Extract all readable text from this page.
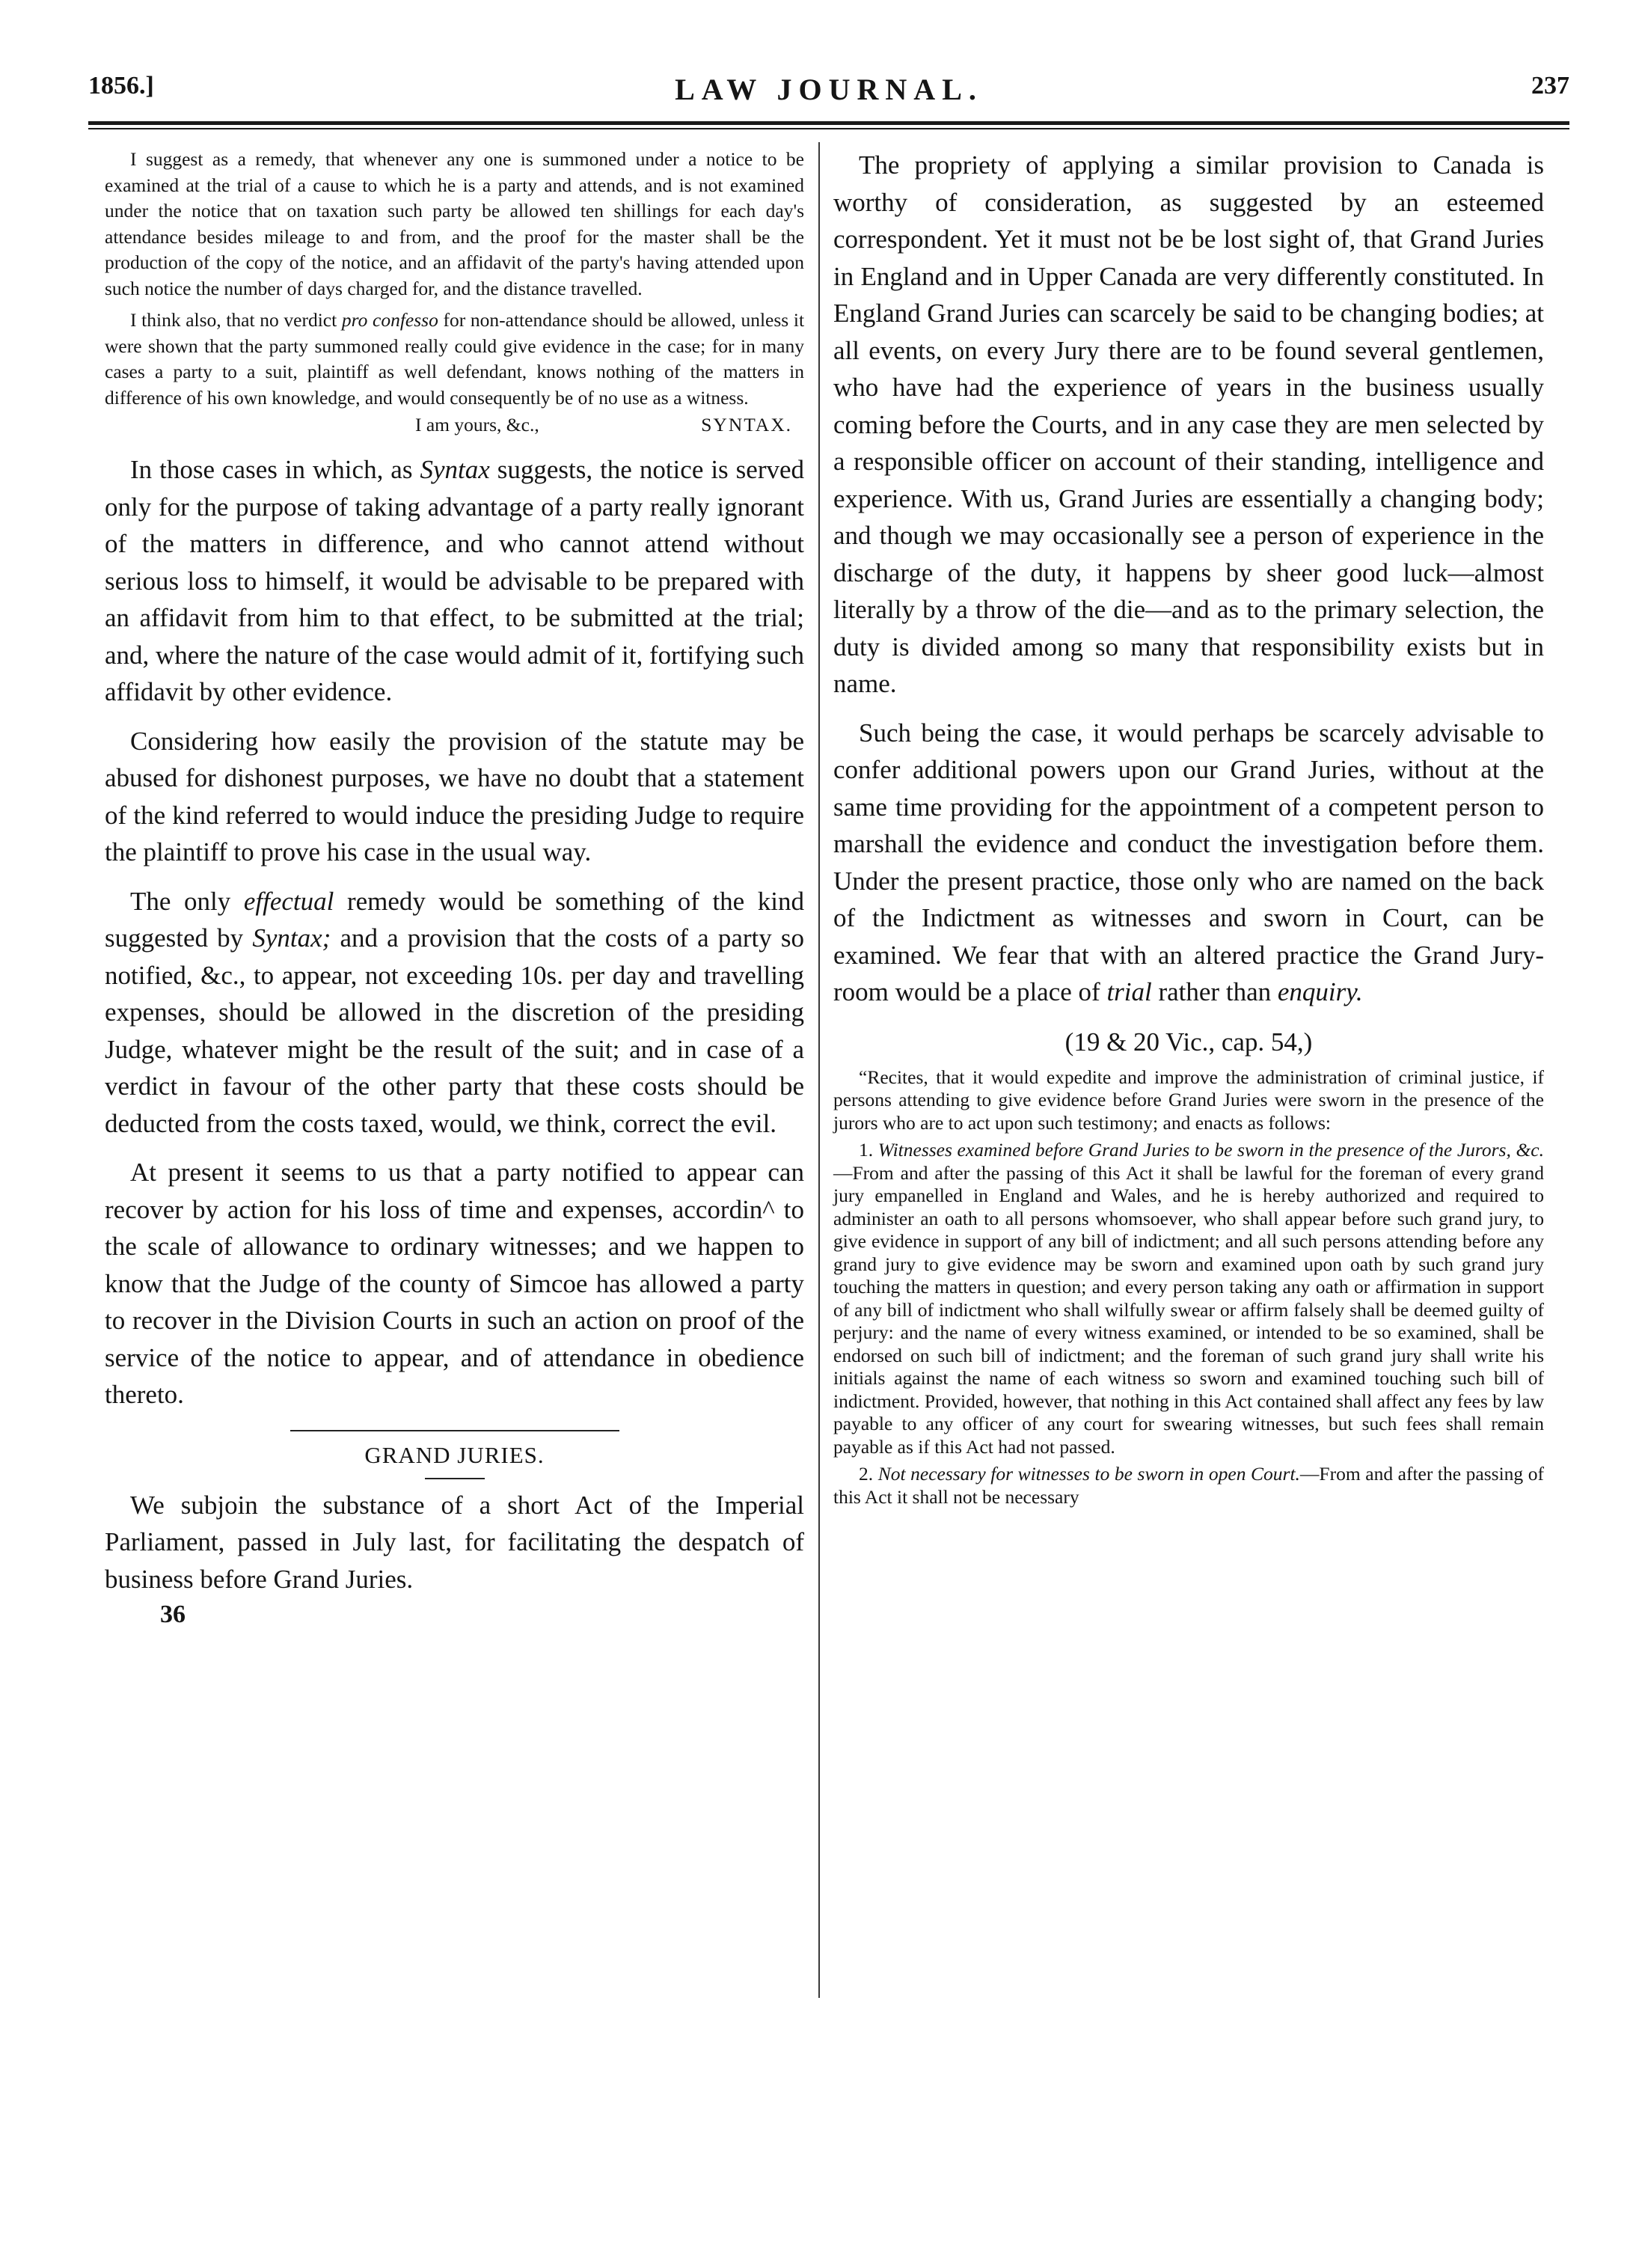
LAW JOURNAL.
1856.]	237

I suggest as a remedy, that whenever any one is summoned under a notice to be examined at the trial of a cause to which he is a party and attends, and is not examined under the notice that on taxation such party be allowed ten shillings for each day's attendance besides mileage to and from, and the proof for the master shall be the production of the copy of the notice, and an affidavit of the party's having attended upon such notice the number of days charged for, and the distance travelled.

I think also, that no verdict pro confesso for non-attendance should be allowed, unless it were shown that the party summoned really could give evidence in the case; for in many cases a party to a suit, plaintiff as well defendant, knows nothing of the matters in difference of his own knowledge, and would consequently be of no use as a witness.

I am yours, &c.,	SYNTAX.

In those cases in which, as Syntax suggests, the notice is served only for the purpose of taking advantage of a party really ignorant of the matters in difference, and who cannot attend without serious loss to himself, it would be advisable to be prepared with an affidavit from him to that effect, to be submitted at the trial; and, where the nature of the case would admit of it, fortifying such affidavit by other evidence.

Considering how easily the provision of the statute may be abused for dishonest purposes, we have no doubt that a statement of the kind referred to would induce the presiding Judge to require the plaintiff to prove his case in the usual way.

The only effectual remedy would be something of the kind suggested by Syntax; and a provision that the costs of a party so notified, &c., to appear, not exceeding 10s. per day and travelling expenses, should be allowed in the discretion of the presiding Judge, whatever might be the result of the suit; and in case of a verdict in favour of the other party that these costs should be deducted from the costs taxed, would, we think, correct the evil.

At present it seems to us that a party notified to appear can recover by action for his loss of time and expenses, accordin^ to the scale of allowance to ordinary witnesses; and we happen to know that the Judge of the county of Simcoe has allowed a party to recover in the Division Courts in such an action on proof of the service of the notice to appear, and of attendance in obedience thereto.

GRAND JURIES.

We subjoin the substance of a short Act of the Imperial Parliament, passed in July last, for facilitating the despatch of business before Grand Juries.

36

The propriety of applying a similar provision to Canada is worthy of consideration, as suggested by an esteemed correspondent. Yet it must not be be lost sight of, that Grand Juries in England and in Upper Canada are very differently constituted. In England Grand Juries can scarcely be said to be changing bodies; at all events, on every Jury there are to be found several gentlemen, who have had the experience of years in the business usually coming before the Courts, and in any case they are men selected by a responsible officer on account of their standing, intelligence and experience. With us, Grand Juries are essentially a changing body; and though we may occasionally see a person of experience in the discharge of the duty, it happens by sheer good luck—almost literally by a throw of the die—and as to the primary selection, the duty is divided among so many that responsibility exists but in name.

Such being the case, it would perhaps be scarcely advisable to confer additional powers upon our Grand Juries, without at the same time providing for the appointment of a competent person to marshall the evidence and conduct the investigation before them. Under the present practice, those only who are named on the back of the Indictment as witnesses and sworn in Court, can be examined. We fear that with an altered practice the Grand Jury-room would be a place of trial rather than enquiry.

(19 & 20 Vic., cap. 54,)

“Recites, that it would expedite and improve the administration of criminal justice, if persons attending to give evidence before Grand Juries were sworn in the presence of the jurors who are to act upon such testimony; and enacts as follows:

1. Witnesses examined before Grand Juries to be sworn in the presence of the Jurors, &c.—From and after the passing of this Act it shall be lawful for the foreman of every grand jury empanelled in England and Wales, and he is hereby authorized and required to administer an oath to all persons whomsoever, who shall appear before such grand jury, to give evidence in support of any bill of indictment; and all such persons attending before any grand jury to give evidence may be sworn and examined upon oath by such grand jury touching the matters in question; and every person taking any oath or affirmation in support of any bill of indictment who shall wilfully swear or affirm falsely shall be deemed guilty of perjury: and the name of every witness examined, or intended to be so examined, shall be endorsed on such bill of indictment; and the foreman of such grand jury shall write his initials against the name of each witness so sworn and examined touching such bill of indictment. Provided, however, that nothing in this Act contained shall affect any fees by law payable to any officer of any court for swearing witnesses, but such fees shall remain payable as if this Act had not passed.

2. Not necessary for witnesses to be sworn in open Court.—From and after the passing of this Act it shall not be necessary
